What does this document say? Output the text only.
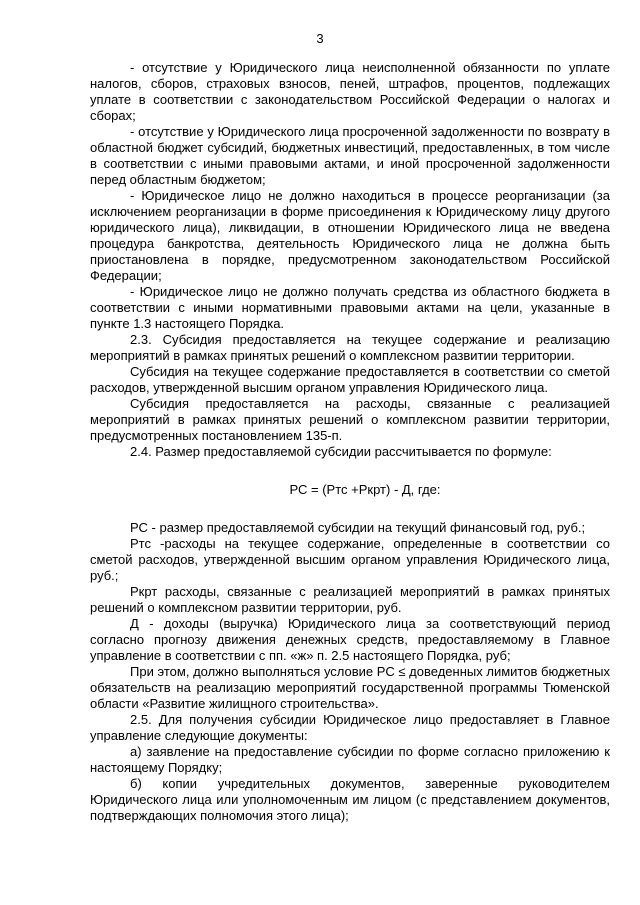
3

- отсутствие у Юридического лица неисполненной обязанности по уплате налогов, сборов, страховых взносов, пеней, штрафов, процентов, подлежащих уплате в соответствии с законодательством Российской Федерации о налогах и сборах;

- отсутствие у Юридического лица просроченной задолженности по возврату в областной бюджет субсидий, бюджетных инвестиций, предоставленных, в том числе в соответствии с иными правовыми актами, и иной просроченной задолженности перед областным бюджетом;

- Юридическое лицо не должно находиться в процессе реорганизации (за исключением реорганизации в форме присоединения к Юридическому лицу другого юридического лица), ликвидации, в отношении Юридического лица не введена процедура банкротства, деятельность Юридического лица не должна быть приостановлена в порядке, предусмотренном законодательством Российской Федерации;

- Юридическое лицо не должно получать средства из областного бюджета в соответствии с иными нормативными правовыми актами на цели, указанные в пункте 1.3 настоящего Порядка.

2.3. Субсидия предоставляется на текущее содержание и реализацию мероприятий в рамках принятых решений о комплексном развитии территории.

Субсидия на текущее содержание предоставляется в соответствии со сметой расходов, утвержденной высшим органом управления Юридического лица.

Субсидия предоставляется на расходы, связанные с реализацией мероприятий в рамках принятых решений о комплексном развитии территории, предусмотренных постановлением 135-п.

2.4. Размер предоставляемой субсидии рассчитывается по формуле:

РС = (Ртс +Ркрт) - Д, где:

РС - размер предоставляемой субсидии на текущий финансовый год, руб.;

Ртс -расходы на текущее содержание, определенные в соответствии со сметой расходов, утвержденной высшим органом управления Юридического лица, руб.;

Ркрт расходы, связанные с реализацией мероприятий в рамках принятых решений о комплексном развитии территории, руб.

Д - доходы (выручка) Юридического лица за соответствующий период согласно прогнозу движения денежных средств, предоставляемому в Главное управление в соответствии с пп. «ж» п. 2.5 настоящего Порядка, руб;

При этом, должно выполняться условие РС ≤ доведенных лимитов бюджетных обязательств на реализацию мероприятий государственной программы Тюменской области «Развитие жилищного строительства».

2.5. Для получения субсидии Юридическое лицо предоставляет в Главное управление следующие документы:

а) заявление на предоставление субсидии по форме согласно приложению к настоящему Порядку;

б) копии учредительных документов, заверенные руководителем Юридического лица или уполномоченным им лицом (с представлением документов, подтверждающих полномочия этого лица);
